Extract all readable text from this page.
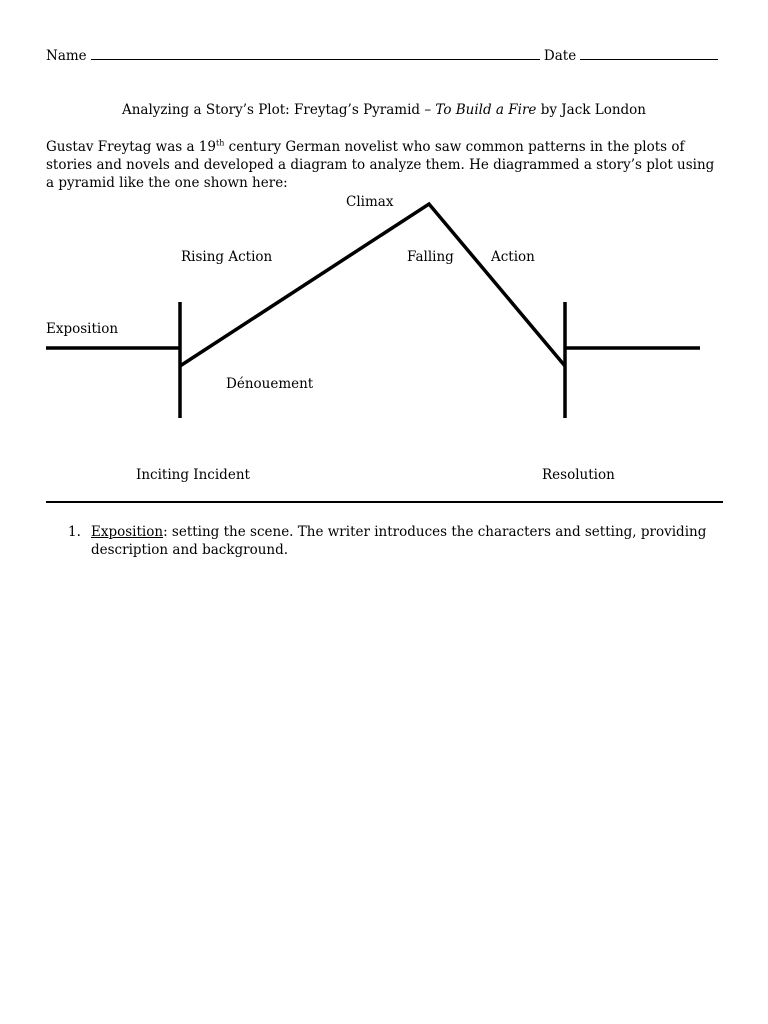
Name	Date
Analyzing a Story’s Plot: Freytag’s Pyramid – To Build a Fire by Jack London
Gustav Freytag was a 19th century German novelist who saw common patterns in the plots of stories and novels and developed a diagram to analyze them. He diagrammed a story’s plot using a pyramid like the one shown here:
Climax
Rising Action	Falling	Action
Exposition
Dénouement
Inciting Incident	Resolution
1. Exposition: setting the scene. The writer introduces the characters and setting, providing description and background.
